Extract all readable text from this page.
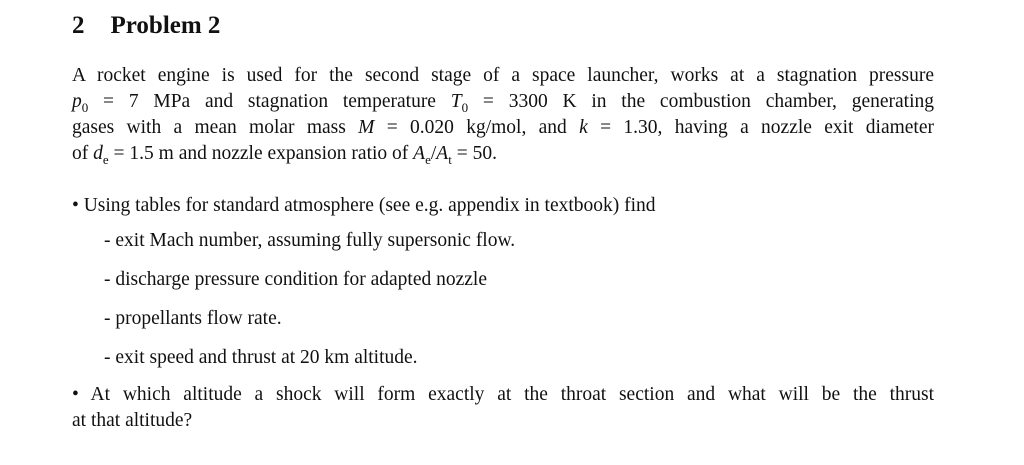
2 Problem 2
A rocket engine is used for the second stage of a space launcher, works at a stagnation pressure
$p_0 = 7$ MPa and stagnation temperature $T_0 = 3300$ K in the combustion chamber, generating
gases with a mean molar mass M = 0.020 kg/mol, and k = 1.30, having a nozzle exit diameter
of $d_e = 1.5$ m and nozzle expansion ratio of $A_e/A_t = 50$.
• Using tables for standard atmosphere (see e.g. appendix in textbook) find
- exit Mach number, assuming fully supersonic flow.
- discharge pressure condition for adapted nozzle
- propellants flow rate.
- exit speed and thrust at 20 km altitude.
• At which altitude a shock will form exactly at the throat section and what will be the thrust
at that altitude?
